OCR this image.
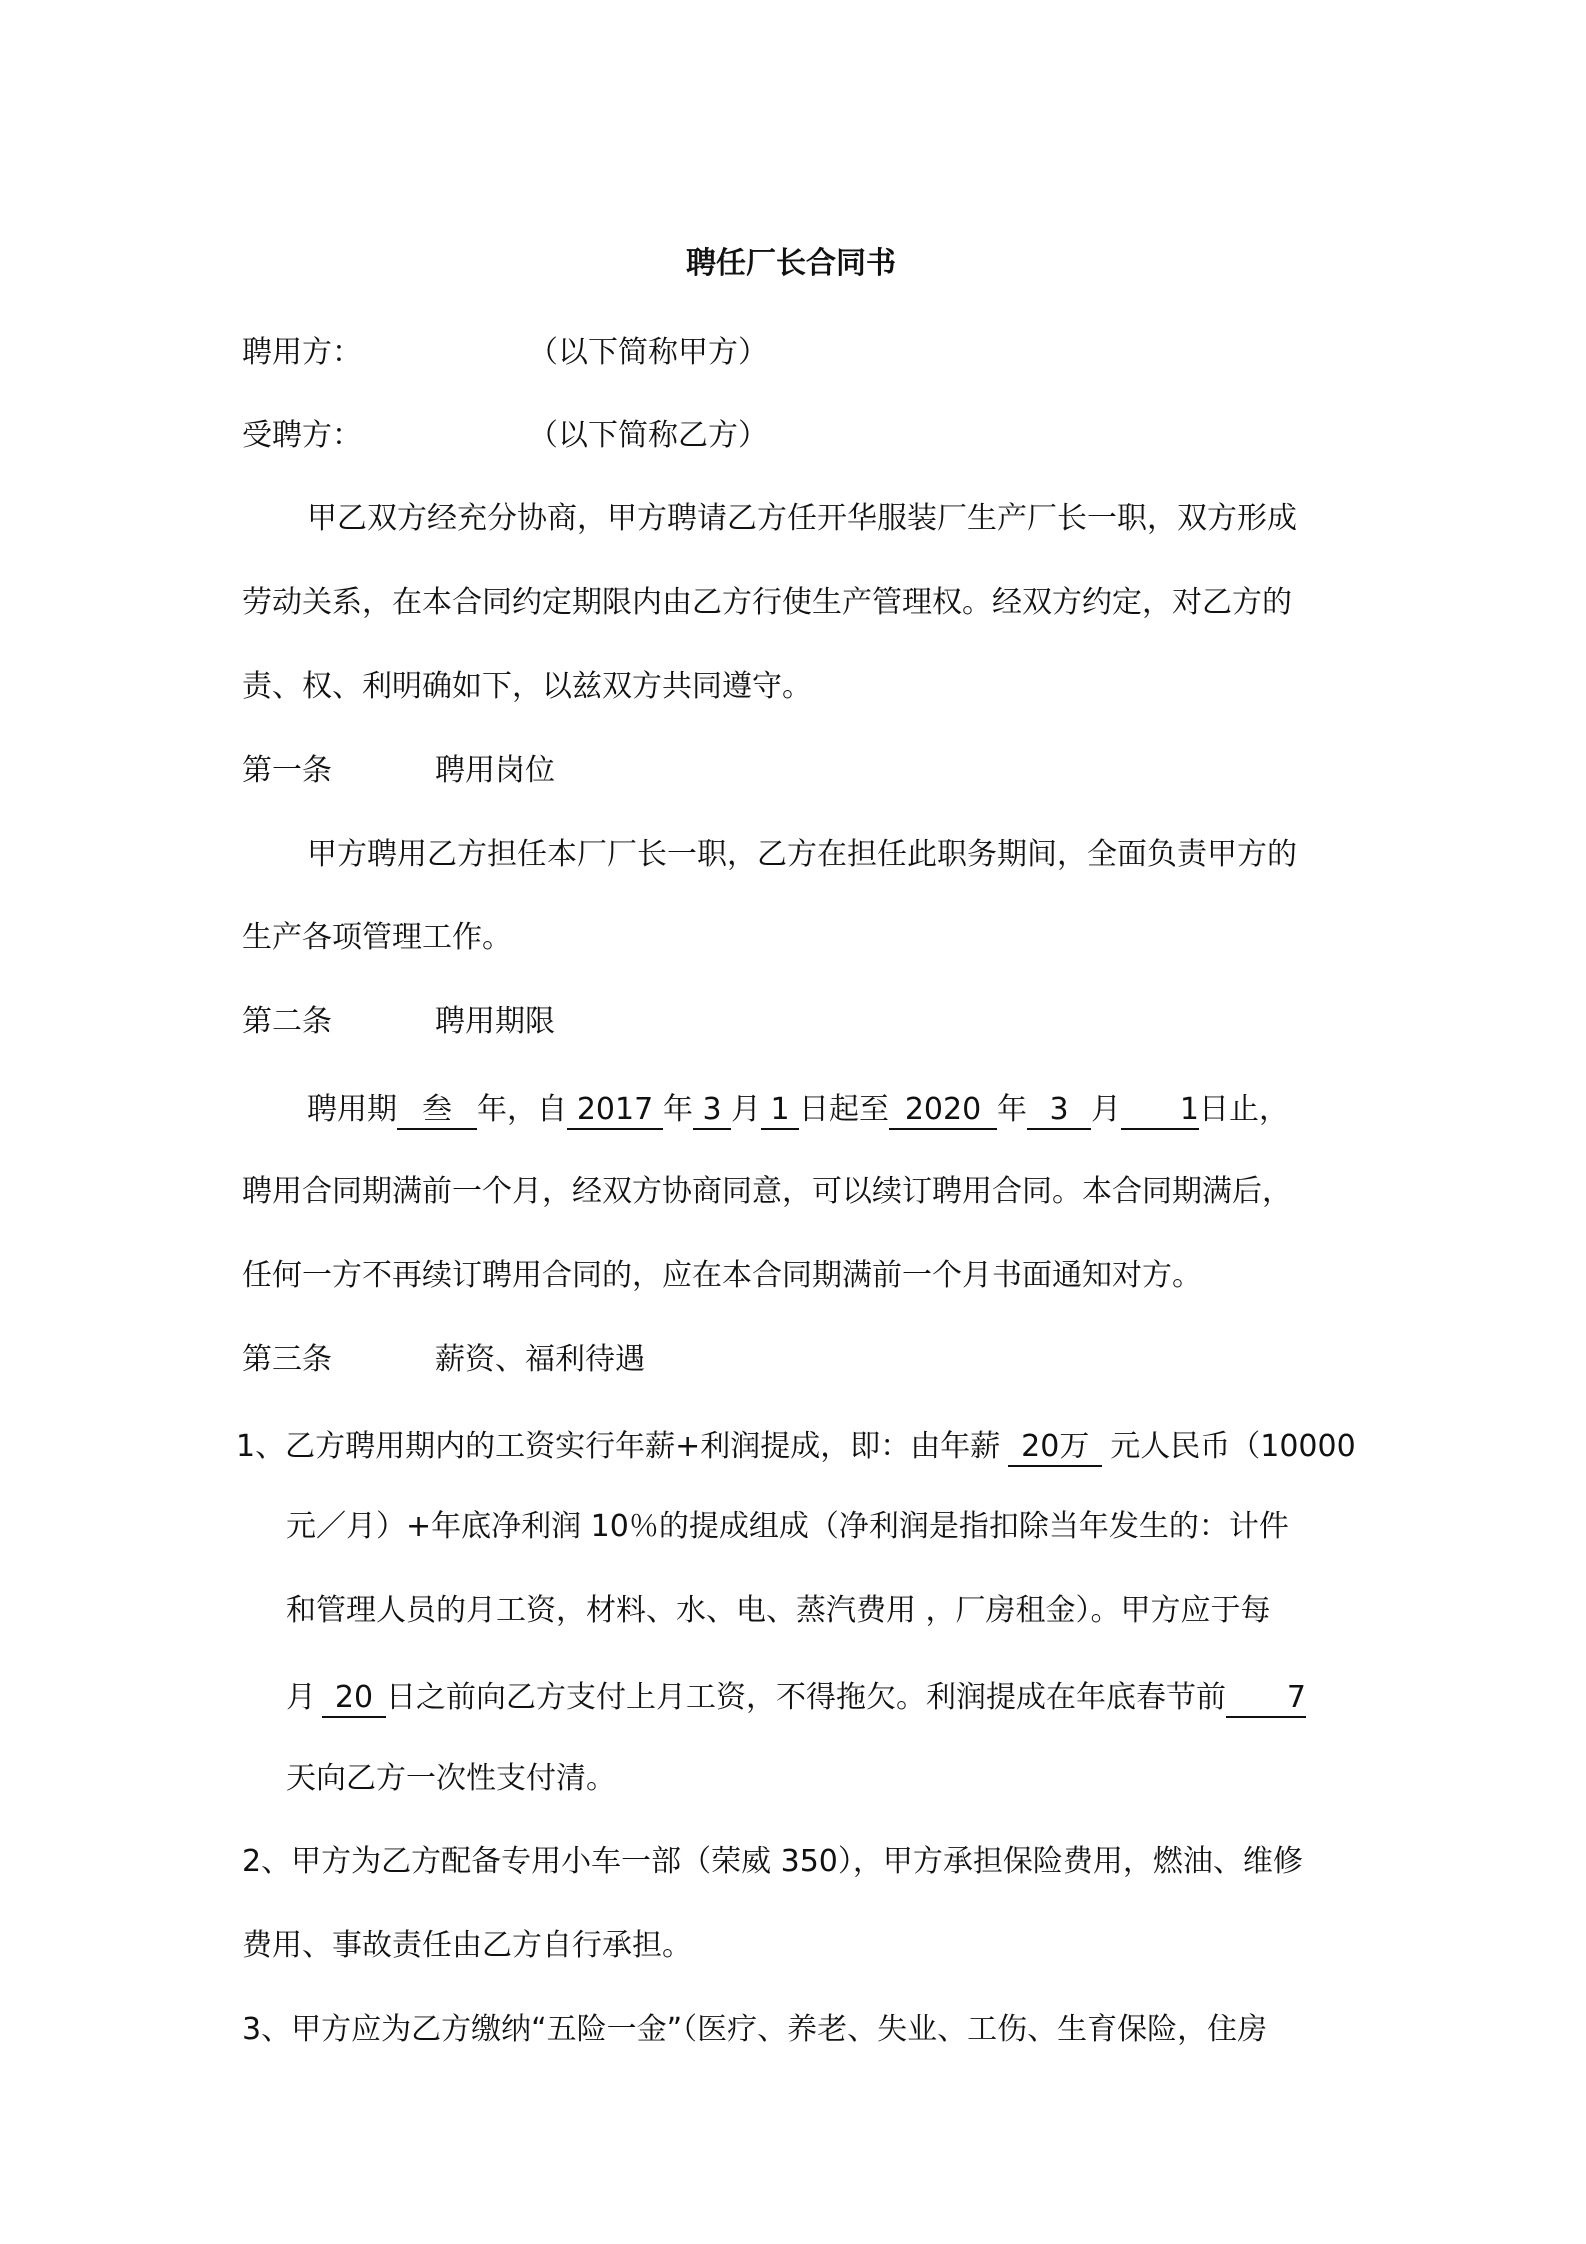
聘任厂长合同书
聘用方：	（以下简称甲方）
受聘方：	（以下简称乙方）
甲乙双方经充分协商，甲方聘请乙方任开华服装厂生产厂长一职，双方形成
劳动关系，在本合同约定期限内由乙方行使生产管理权。经双方约定，对乙方的
责、权、利明确如下，以兹双方共同遵守。
第一条	聘用岗位
甲方聘用乙方担任本厂厂长一职，乙方在担任此职务期间，全面负责甲方的
生产各项管理工作。
第二条	聘用期限
聘用期 叁 年，自 2017 年 3 月 1 日起至 2020 年 3 月 1日止，
聘用合同期满前一个月，经双方协商同意，可以续订聘用合同。本合同期满后，
任何一方不再续订聘用合同的，应在本合同期满前一个月书面通知对方。
第三条	薪资、福利待遇
1、乙方聘用期内的工资实行年薪+利润提成，即：由年薪 20万 元人民币（10000
元／月）+年底净利润 10％的提成组成（净利润是指扣除当年发生的：计件
和管理人员的月工资，材料、水、电、蒸汽费用 ，厂房租金）。甲方应于每
月 20 日之前向乙方支付上月工资，不得拖欠。利润提成在年底春节前 7
天向乙方一次性支付清。
2、甲方为乙方配备专用小车一部（荣威 350），甲方承担保险费用，燃油、维修
费用、事故责任由乙方自行承担。
3、甲方应为乙方缴纳“五险一金”（医疗、养老、失业、工伤、生育保险，住房
